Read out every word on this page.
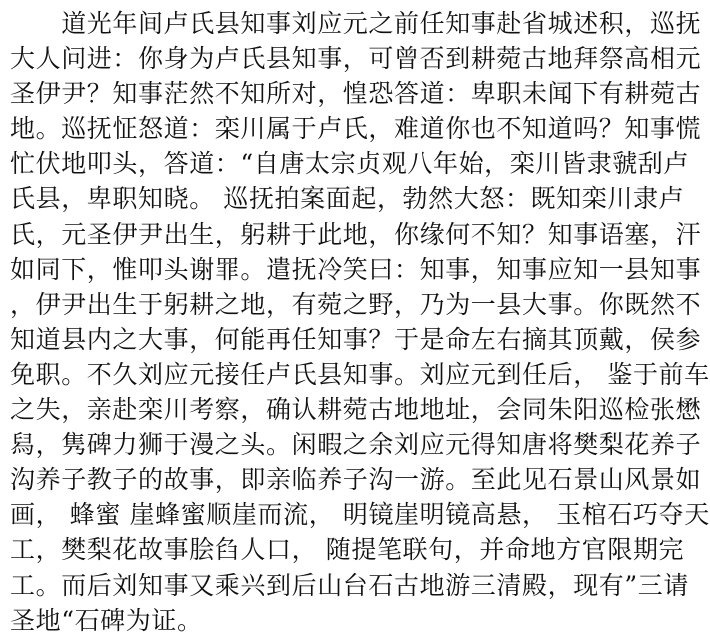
　　道光年间卢氏县知事刘应元之前任知事赴省城述积，巡抚
大人问进：你身为卢氏县知事，可曾否到耕菀古地拜祭高相元
圣伊尹？知事茫然不知所对，惶恐答道：卑职未闻下有耕菀古
地。巡抚怔怒道：栾川属于卢氏，难道你也不知道吗？知事慌
忙伏地叩头，答道：“自唐太宗贞观八年始，栾川皆隶虢刮卢
氏县，卑职知晓。 巡抚拍案面起，勃然大怒：既知栾川隶卢
氏，元圣伊尹出生，躬耕于此地，你缘何不知？知事语塞，汗
如同下，惟叩头谢罪。遣抚冷笑曰：知事，知事应知一县知事
，伊尹出生于躬耕之地，有菀之野，乃为一县大事。你既然不
知道县内之大事，何能再任知事？于是命左右摘其顶戴，侯参
免职。不久刘应元接任卢氏县知事。刘应元到任后， 鉴于前车
之失，亲赴栾川考察，确认耕菀古地地址，会同朱阳巡检张懋
舄，隽碑力狮于漫之头。闲暇之余刘应元得知唐将樊梨花养子
沟养子教子的故事，即亲临养子沟一游。至此见石景山风景如
画， 蜂蜜 崖蜂蜜顺崖而流， 明镜崖明镜高悬， 玉棺石巧夺天
工，樊梨花故事脍臽人口， 随提笔联句，并命地方官限期完
工。而后刘知事又乘兴到后山台石古地游三清殿，现有”三请
圣地“石碑为证。
